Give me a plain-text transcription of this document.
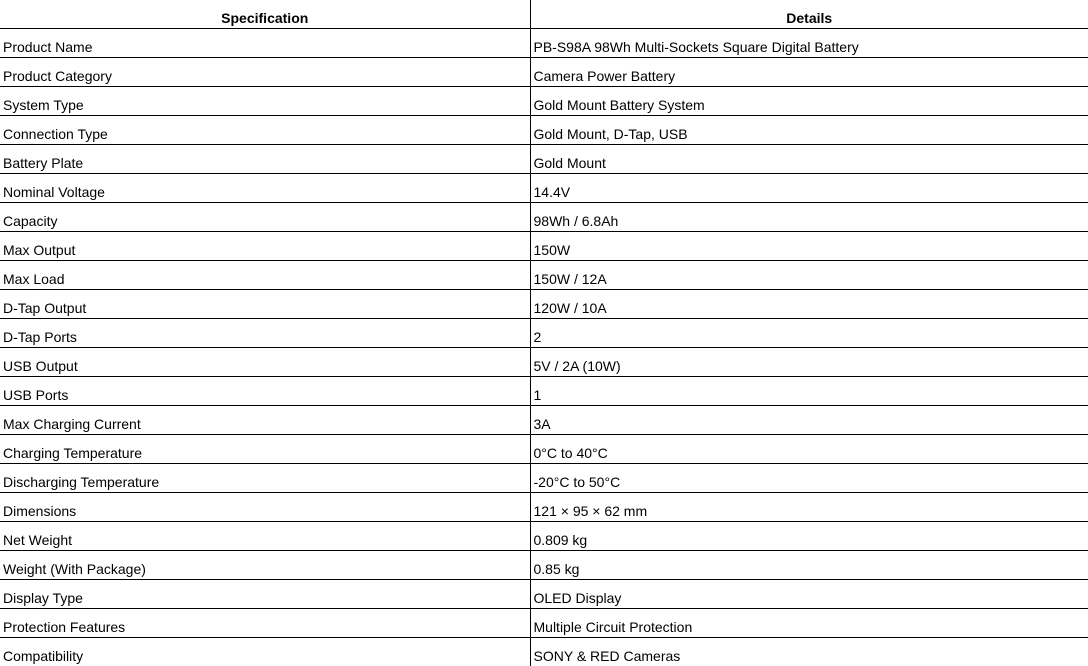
Specification	Details
Product Name	PB-S98A 98Wh Multi-Sockets Square Digital Battery
Product Category	Camera Power Battery
System Type	Gold Mount Battery System
Connection Type	Gold Mount, D-Tap, USB
Battery Plate	Gold Mount
Nominal Voltage	14.4V
Capacity	98Wh / 6.8Ah
Max Output	150W
Max Load	150W / 12A
D-Tap Output	120W / 10A
D-Tap Ports	2
USB Output	5V / 2A (10W)
USB Ports	1
Max Charging Current	3A
Charging Temperature	0°C to 40°C
Discharging Temperature	-20°C to 50°C
Dimensions	121 × 95 × 62 mm
Net Weight	0.809 kg
Weight (With Package)	0.85 kg
Display Type	OLED Display
Protection Features	Multiple Circuit Protection
Compatibility	SONY & RED Cameras
